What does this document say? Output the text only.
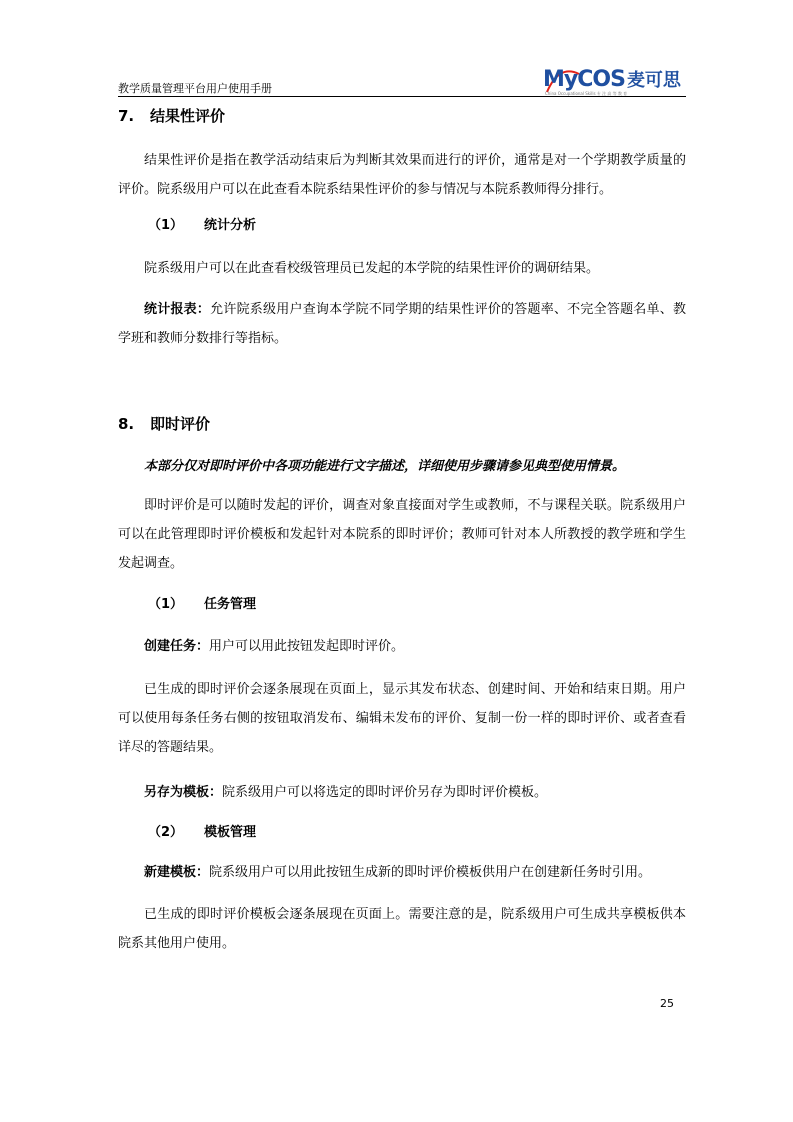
教学质量管理平台用户使用手册	MyCOS 麦可思
China Occupational Skills 专 注 高 等 教 育
7. 结果性评价
结果性评价是指在教学活动结束后为判断其效果而进行的评价，通常是对一个学期教学质量的评价。院系级用户可以在此查看本院系结果性评价的参与情况与本院系教师得分排行。
（1） 统计分析
院系级用户可以在此查看校级管理员已发起的本学院的结果性评价的调研结果。
统计报表：允许院系级用户查询本学院不同学期的结果性评价的答题率、不完全答题名单、教学班和教师分数排行等指标。
8. 即时评价
本部分仅对即时评价中各项功能进行文字描述，详细使用步骤请参见典型使用情景。
即时评价是可以随时发起的评价，调查对象直接面对学生或教师，不与课程关联。院系级用户可以在此管理即时评价模板和发起针对本院系的即时评价；教师可针对本人所教授的教学班和学生发起调查。
（1） 任务管理
创建任务：用户可以用此按钮发起即时评价。
已生成的即时评价会逐条展现在页面上，显示其发布状态、创建时间、开始和结束日期。用户可以使用每条任务右侧的按钮取消发布、编辑未发布的评价、复制一份一样的即时评价、或者查看详尽的答题结果。
另存为模板：院系级用户可以将选定的即时评价另存为即时评价模板。
（2） 模板管理
新建模板：院系级用户可以用此按钮生成新的即时评价模板供用户在创建新任务时引用。
已生成的即时评价模板会逐条展现在页面上。需要注意的是，院系级用户可生成共享模板供本院系其他用户使用。
25
